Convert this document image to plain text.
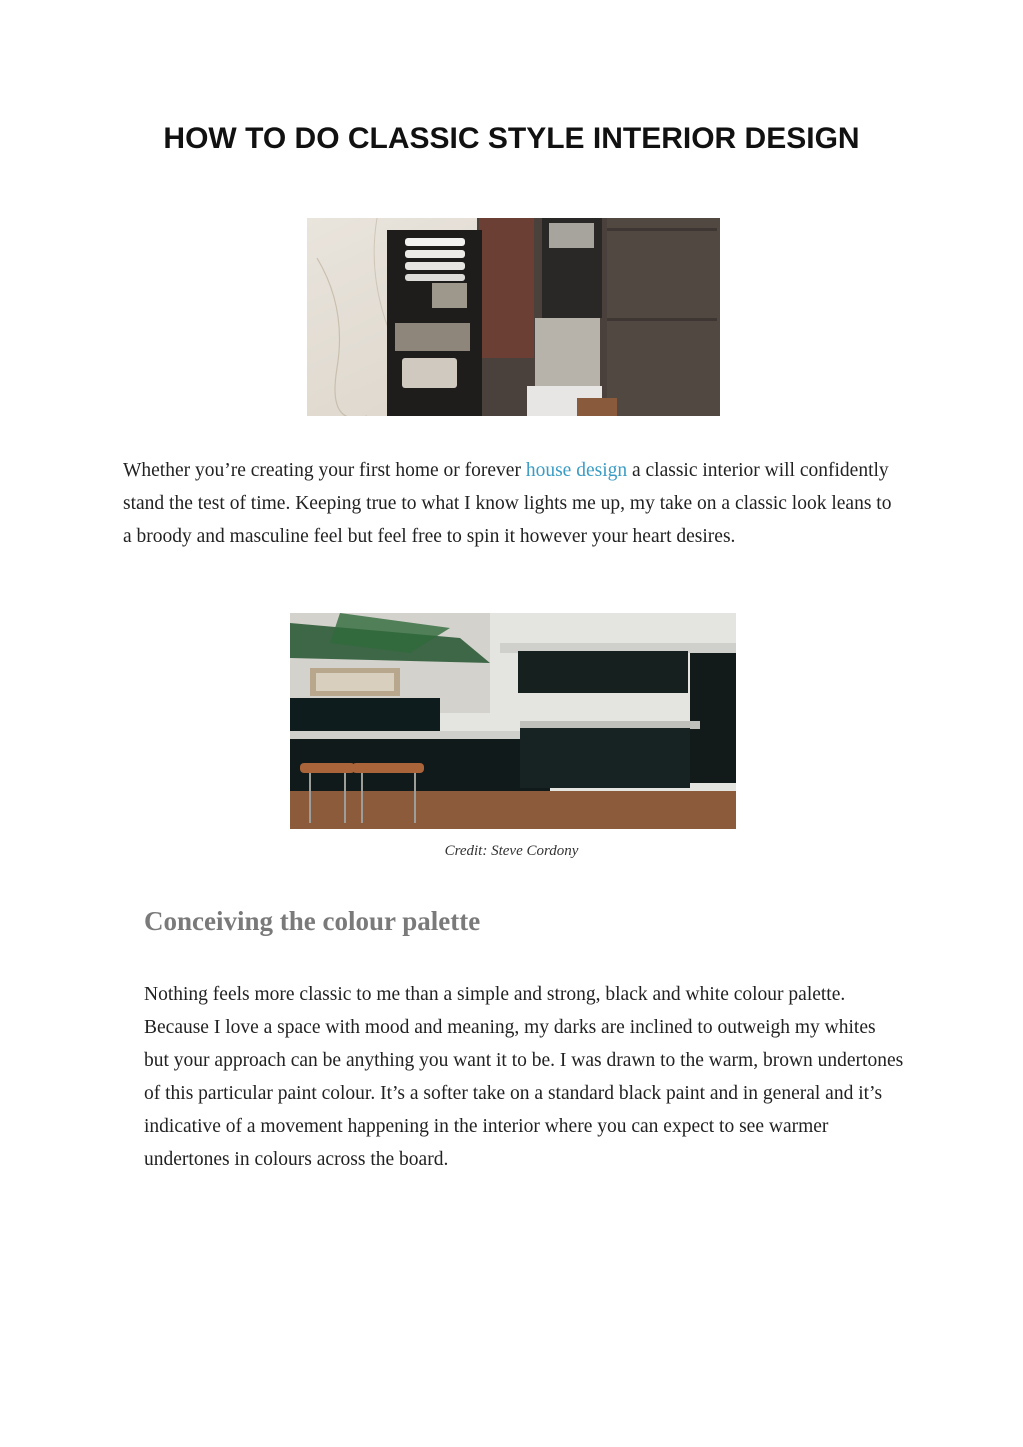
HOW TO DO CLASSIC STYLE INTERIOR DESIGN

Whether you’re creating your first home or forever house design a classic interior will confidently stand the test of time. Keeping true to what I know lights me up, my take on a classic look leans to a broody and masculine feel but feel free to spin it however your heart desires.

Credit: Steve Cordony

Conceiving the colour palette

Nothing feels more classic to me than a simple and strong, black and white colour palette. Because I love a space with mood and meaning, my darks are inclined to outweigh my whites but your approach can be anything you want it to be. I was drawn to the warm, brown undertones of this particular paint colour. It’s a softer take on a standard black paint and in general and it’s indicative of a movement happening in the interior where you can expect to see warmer undertones in colours across the board.
